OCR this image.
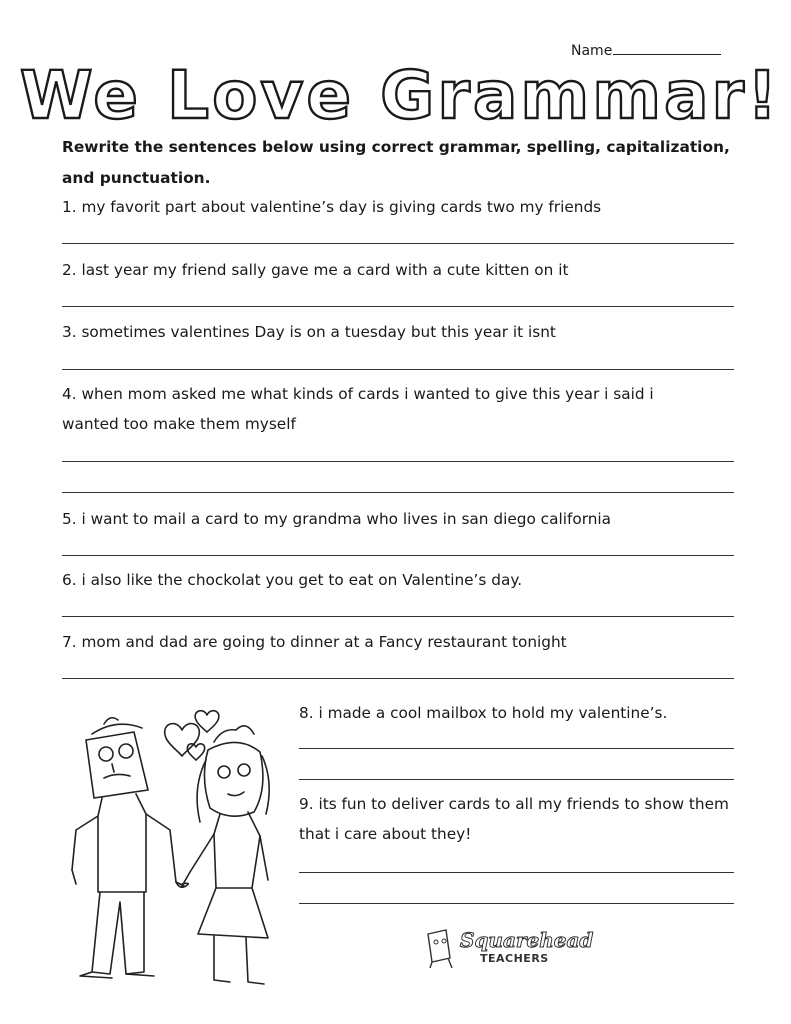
Name
We Love Grammar!
Rewrite the sentences below using correct grammar, spelling, capitalization, and punctuation.
1. my favorit part about valentine’s day is giving cards two my friends
2. last year my friend sally gave me a card with a cute kitten on it
3. sometimes valentines Day is on a tuesday but this year it isnt
4. when mom asked me what kinds of cards i wanted to give this year i said i
wanted too make them myself
5. i want to mail a card to my grandma who lives in san diego california
6. i also like the chockolat you get to eat on Valentine’s day.
7. mom and dad are going to dinner at a Fancy restaurant tonight
8. i made a cool mailbox to hold my valentine’s.
9. its fun to deliver cards to all my friends to show them
that i care about they!
Squarehead
TEACHERS
